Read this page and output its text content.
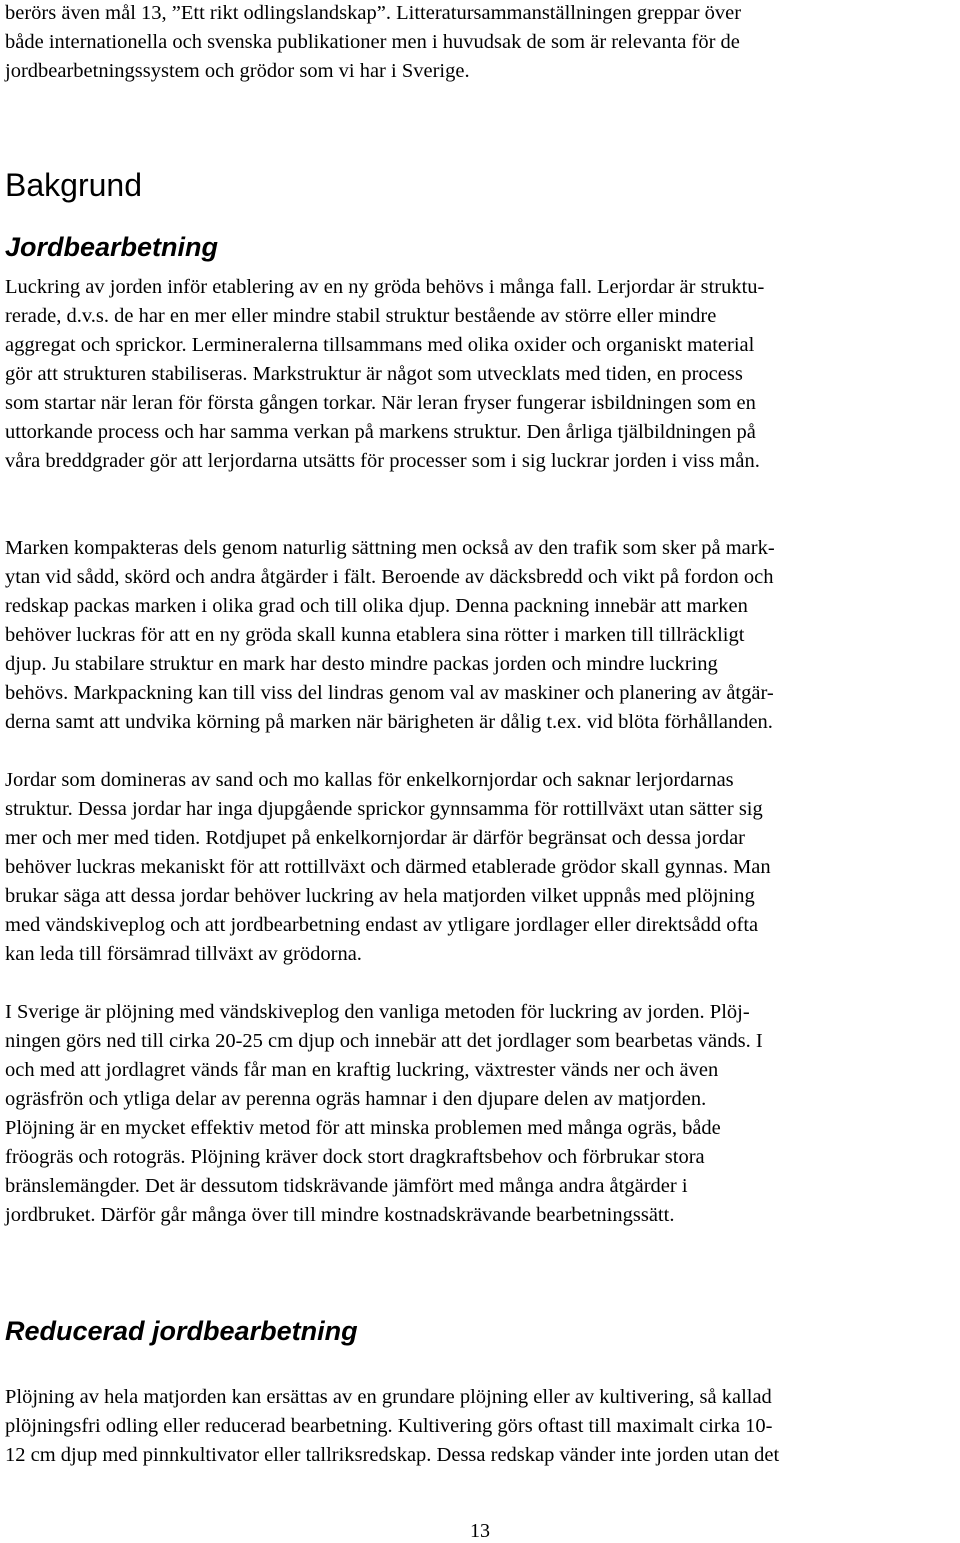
berörs även mål 13, ”Ett rikt odlingslandskap”. Litteratursammanställningen greppar över
både internationella och svenska publikationer men i huvudsak de som är relevanta för de
jordbearbetningssystem och grödor som vi har i Sverige.
Bakgrund
Jordbearbetning
Luckring av jorden inför etablering av en ny gröda behövs i många fall. Lerjordar är struktu-
rerade, d.v.s. de har en mer eller mindre stabil struktur bestående av större eller mindre
aggregat och sprickor. Lermineralerna tillsammans med olika oxider och organiskt material
gör att strukturen stabiliseras. Markstruktur är något som utvecklats med tiden, en process
som startar när leran för första gången torkar. När leran fryser fungerar isbildningen som en
uttorkande process och har samma verkan på markens struktur. Den årliga tjälbildningen på
våra breddgrader gör att lerjordarna utsätts för processer som i sig luckrar jorden i viss mån.
Marken kompakteras dels genom naturlig sättning men också av den trafik som sker på mark-
ytan vid sådd, skörd och andra åtgärder i fält. Beroende av däcksbredd och vikt på fordon och
redskap packas marken i olika grad och till olika djup. Denna packning innebär att marken
behöver luckras för att en ny gröda skall kunna etablera sina rötter i marken till tillräckligt
djup. Ju stabilare struktur en mark har desto mindre packas jorden och mindre luckring
behövs. Markpackning kan till viss del lindras genom val av maskiner och planering av åtgär-
derna samt att undvika körning på marken när bärigheten är dålig t.ex. vid blöta förhållanden.
Jordar som domineras av sand och mo kallas för enkelkornjordar och saknar lerjordarnas
struktur. Dessa jordar har inga djupgående sprickor gynnsamma för rottillväxt utan sätter sig
mer och mer med tiden. Rotdjupet på enkelkornjordar är därför begränsat och dessa jordar
behöver luckras mekaniskt för att rottillväxt och därmed etablerade grödor skall gynnas. Man
brukar säga att dessa jordar behöver luckring av hela matjorden vilket uppnås med plöjning
med vändskiveplog och att jordbearbetning endast av ytligare jordlager eller direktsådd ofta
kan leda till försämrad tillväxt av grödorna.
I Sverige är plöjning med vändskiveplog den vanliga metoden för luckring av jorden. Plöj-
ningen görs ned till cirka 20-25 cm djup och innebär att det jordlager som bearbetas vänds. I
och med att jordlagret vänds får man en kraftig luckring, växtrester vänds ner och även
ogräsfrön och ytliga delar av perenna ogräs hamnar i den djupare delen av matjorden.
Plöjning är en mycket effektiv metod för att minska problemen med många ogräs, både
fröogräs och rotogräs. Plöjning kräver dock stort dragkraftsbehov och förbrukar stora
bränslemängder. Det är dessutom tidskrävande jämfört med många andra åtgärder i
jordbruket. Därför går många över till mindre kostnadskrävande bearbetningssätt.
Reducerad jordbearbetning
Plöjning av hela matjorden kan ersättas av en grundare plöjning eller av kultivering, så kallad
plöjningsfri odling eller reducerad bearbetning. Kultivering görs oftast till maximalt cirka 10-
12 cm djup med pinnkultivator eller tallriksredskap. Dessa redskap vänder inte jorden utan det
13
